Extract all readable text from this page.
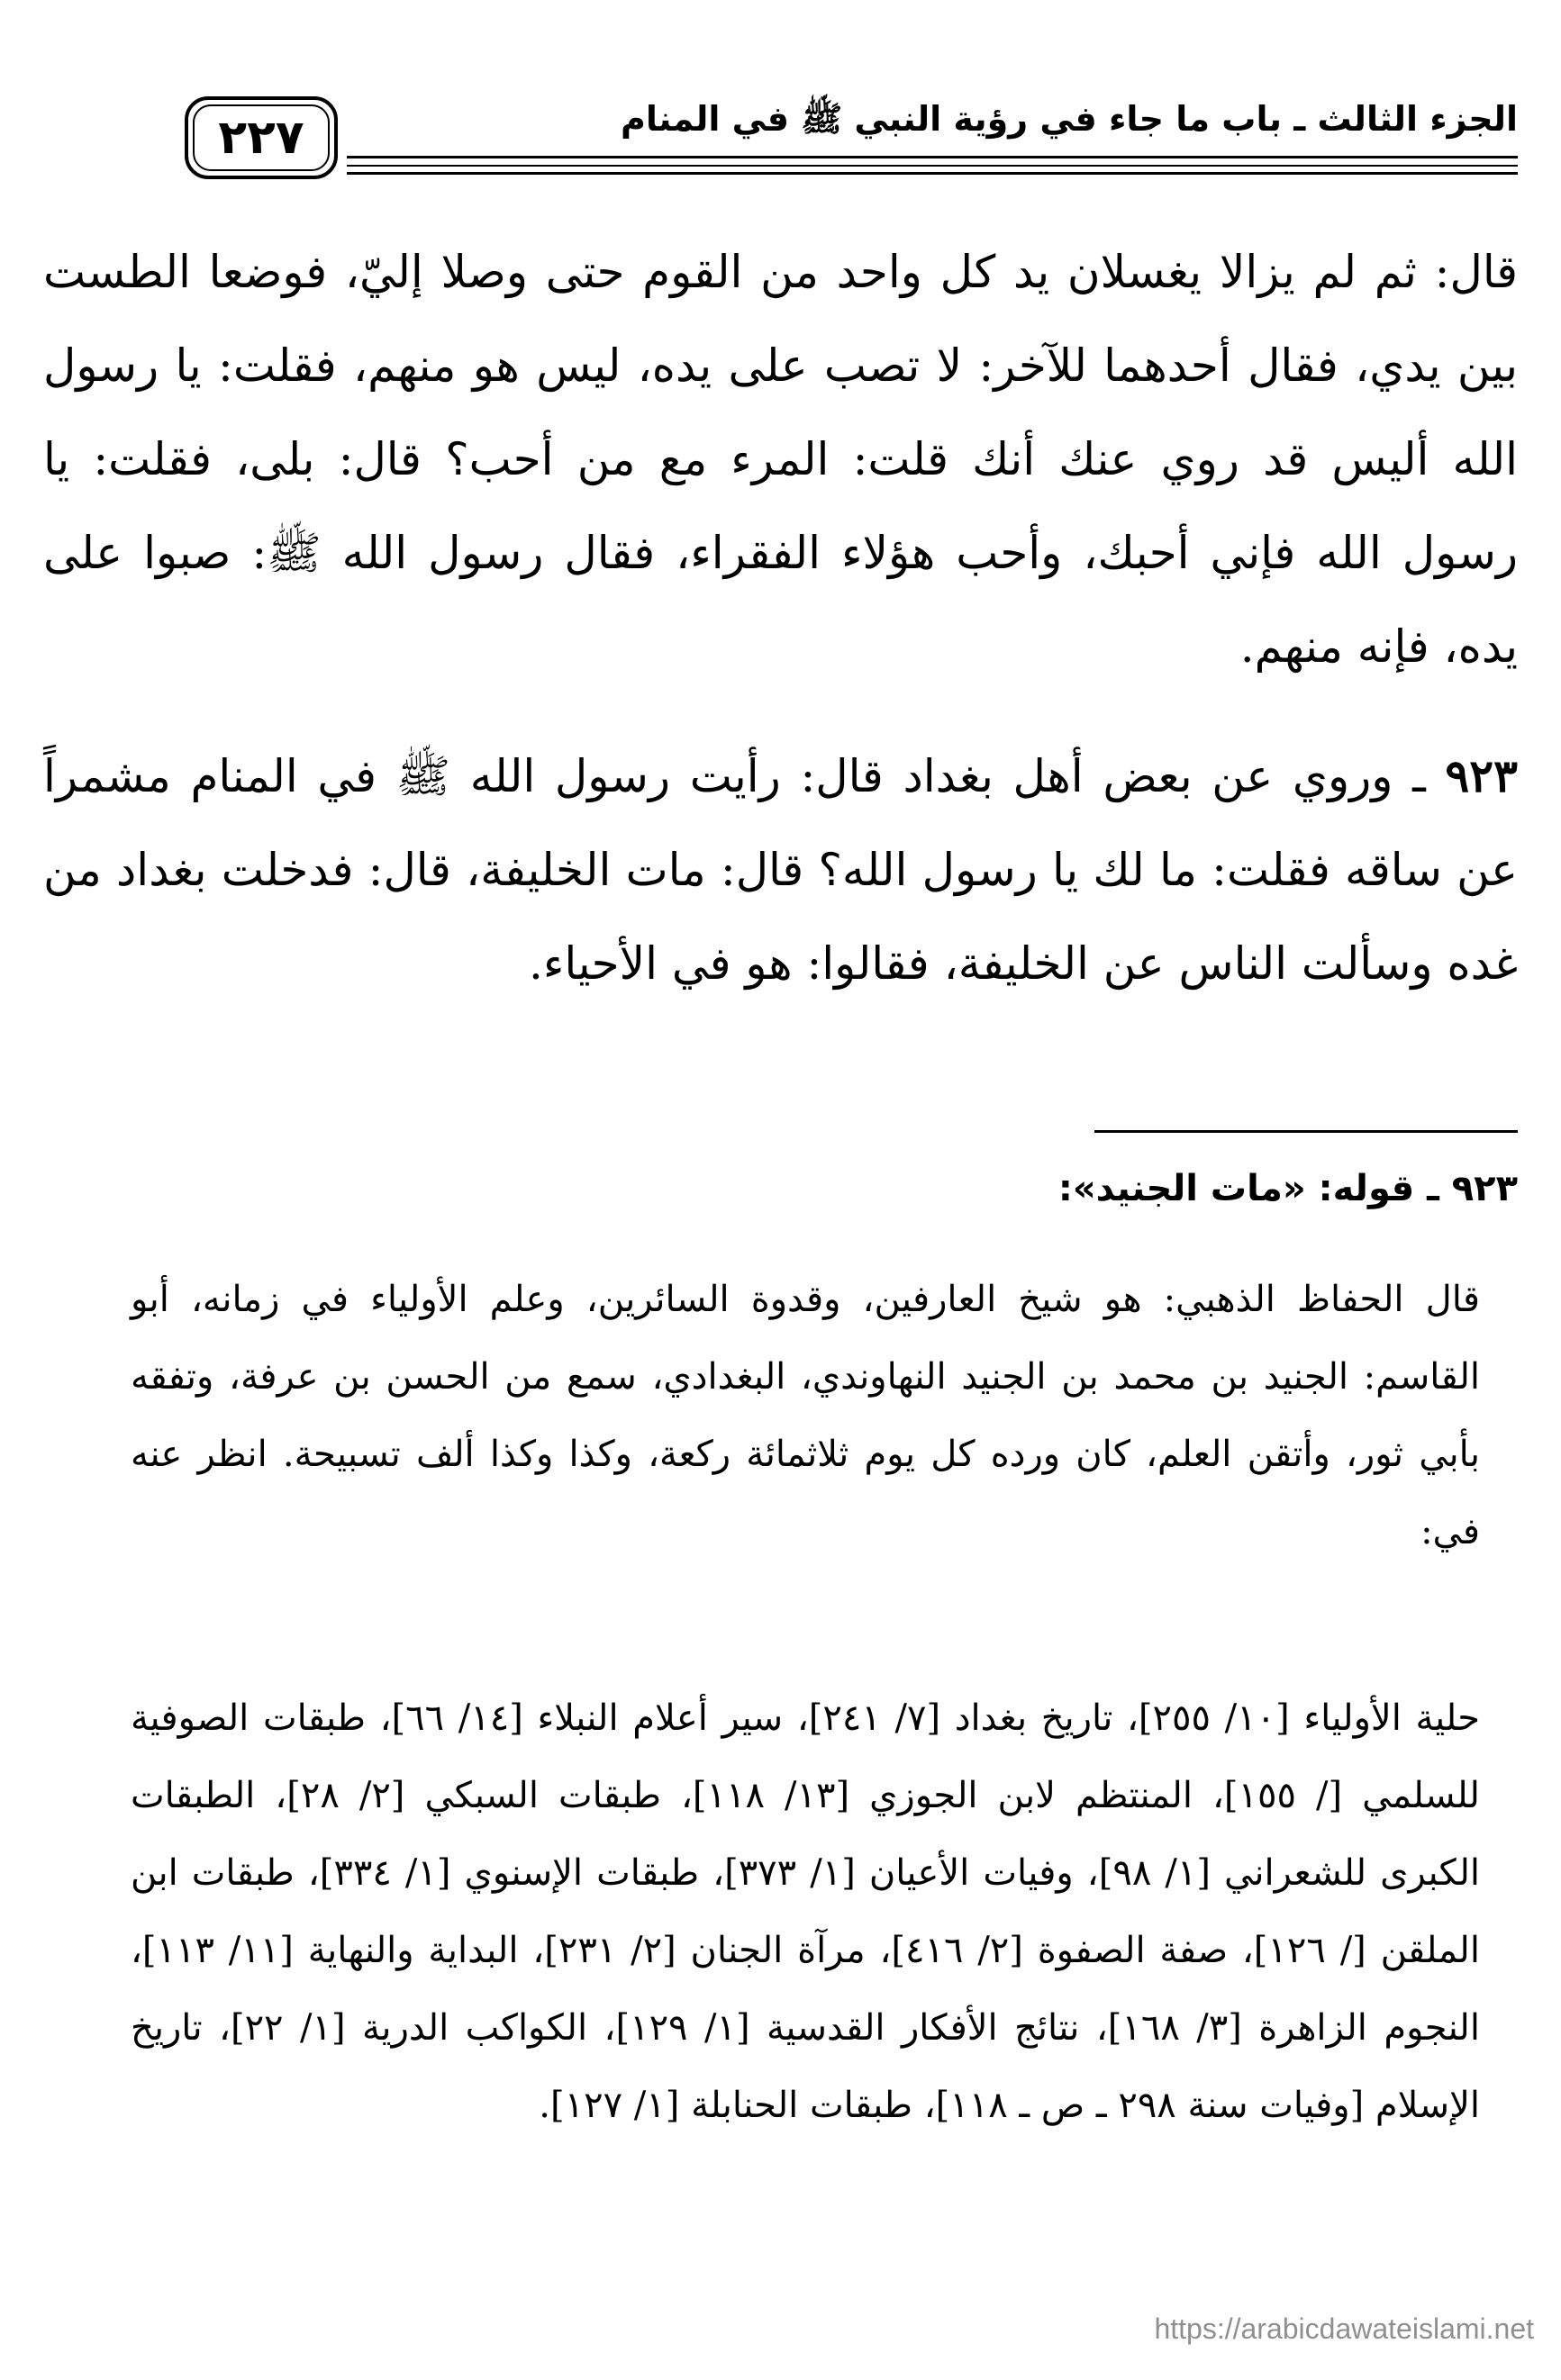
الجزء الثالث ـ باب ما جاء في رؤية النبي ﷺ في المنام
٢٢٧

قال: ثم لم يزالا يغسلان يد كل واحد من القوم حتى وصلا إليّ، فوضعا الطست بين يدي، فقال أحدهما للآخر: لا تصب على يده، ليس هو منهم، فقلت: يا رسول الله أليس قد روي عنك أنك قلت: المرء مع من أحب؟ قال: بلى، فقلت: يا رسول الله فإني أحبك، وأحب هؤلاء الفقراء، فقال رسول الله ﷺ: صبوا على يده، فإنه منهم.

٩٢٣ ـ وروي عن بعض أهل بغداد قال: رأيت رسول الله ﷺ في المنام مشمراً عن ساقه فقلت: ما لك يا رسول الله؟ قال: مات الخليفة، قال: فدخلت بغداد من غده وسألت الناس عن الخليفة، فقالوا: هو في الأحياء.

٩٢٣ ـ قوله: «مات الجنيد»:

قال الحفاظ الذهبي: هو شيخ العارفين، وقدوة السائرين، وعلم الأولياء في زمانه، أبو القاسم: الجنيد بن محمد بن الجنيد النهاوندي، البغدادي، سمع من الحسن بن عرفة، وتفقه بأبي ثور، وأتقن العلم، كان ورده كل يوم ثلاثمائة ركعة، وكذا وكذا ألف تسبيحة. انظر عنه في:

حلية الأولياء [١٠/ ٢٥٥]، تاريخ بغداد [٧/ ٢٤١]، سير أعلام النبلاء [١٤/ ٦٦]، طبقات الصوفية للسلمي [/ ١٥٥]، المنتظم لابن الجوزي [١٣/ ١١٨]، طبقات السبكي [٢/ ٢٨]، الطبقات الكبرى للشعراني [١/ ٩٨]، وفيات الأعيان [١/ ٣٧٣]، طبقات الإسنوي [١/ ٣٣٤]، طبقات ابن الملقن [/ ١٢٦]، صفة الصفوة [٢/ ٤١٦]، مرآة الجنان [٢/ ٢٣١]، البداية والنهاية [١١/ ١١٣]، النجوم الزاهرة [٣/ ١٦٨]، نتائج الأفكار القدسية [١/ ١٢٩]، الكواكب الدرية [١/ ٢٢]، تاريخ الإسلام [وفيات سنة ٢٩٨ ـ ص ـ ١١٨]، طبقات الحنابلة [١/ ١٢٧].

https://arabicdawateislami.net
